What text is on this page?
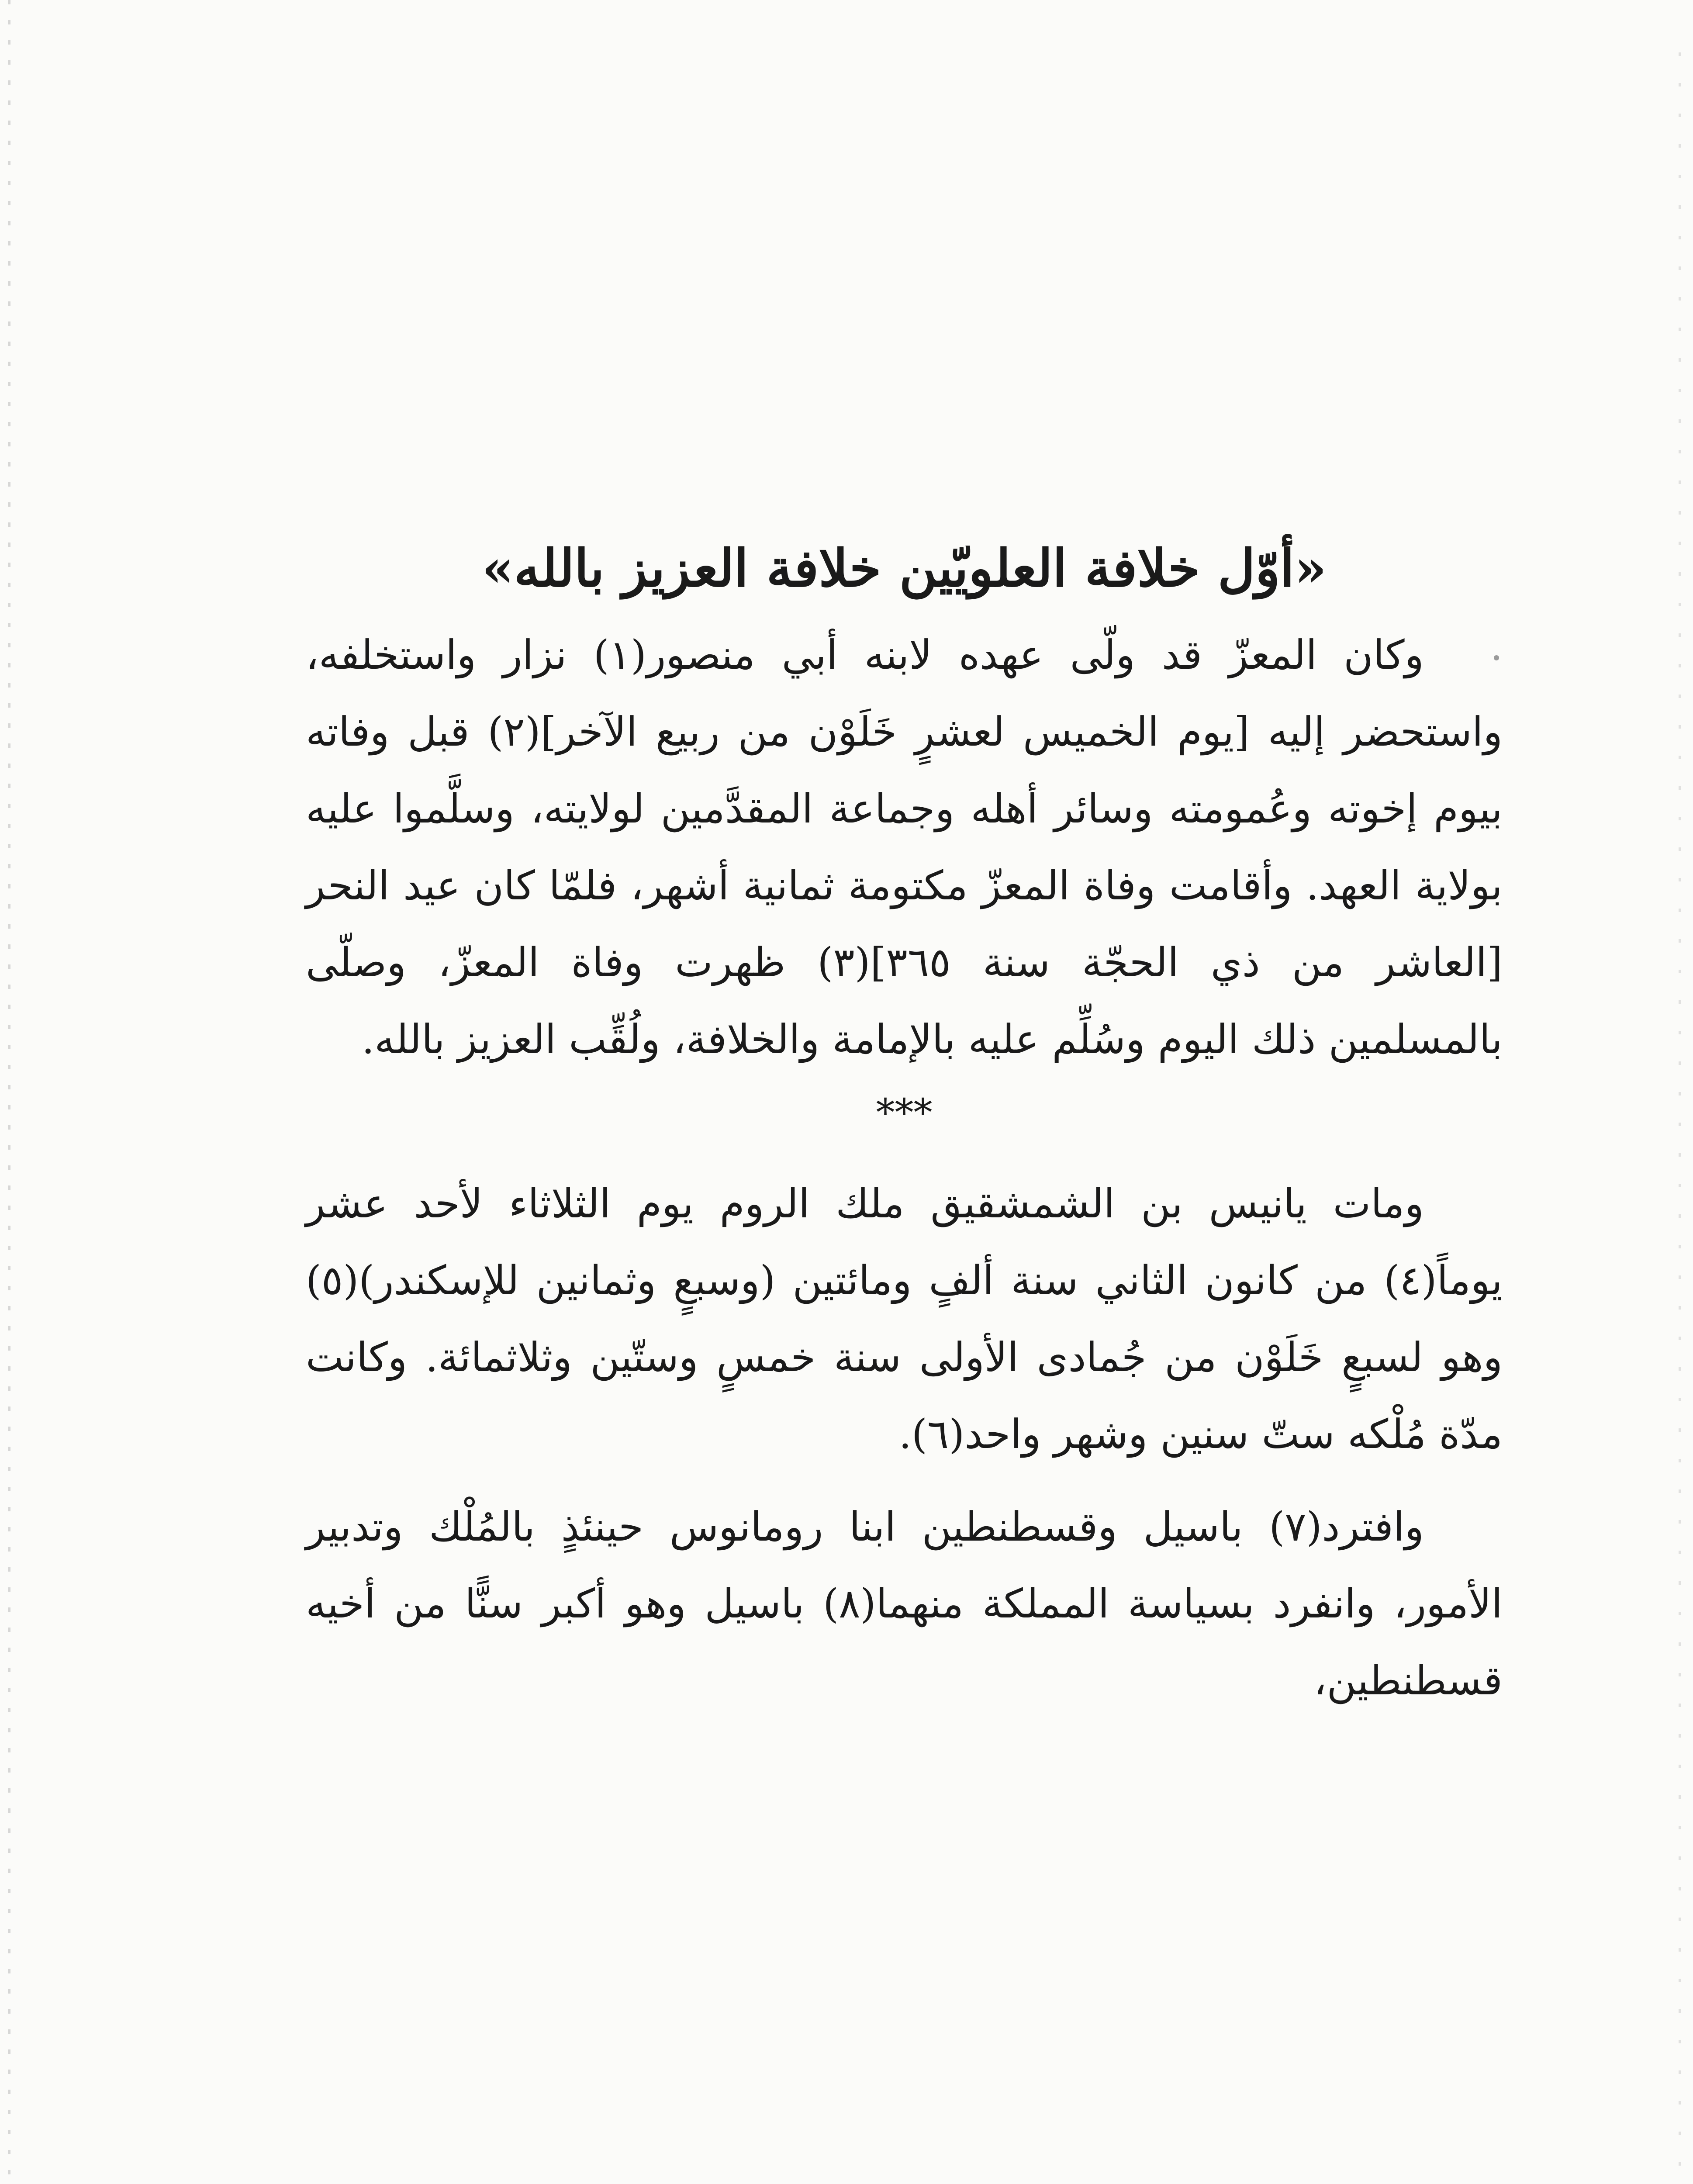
«أوّل خلافة العلويّين خلافة العزيز بالله»

وكان المعزّ قد ولّى عهده لابنه أبي منصور(١) نزار واستخلفه، واستحضر إليه [يوم الخميس لعشرٍ خَلَوْن من ربيع الآخر](٢) قبل وفاته بيوم إخوته وعُمومته وسائر أهله وجماعة المقدَّمين لولايته، وسلَّموا عليه بولاية العهد. وأقامت وفاة المعزّ مكتومة ثمانية أشهر، فلمّا كان عيد النحر [العاشر من ذي الحجّة سنة ٣٦٥](٣) ظهرت وفاة المعزّ، وصلّى بالمسلمين ذلك اليوم وسُلِّم عليه بالإمامة والخلافة، ولُقِّب العزيز بالله.

***

ومات يانيس بن الشمشقيق ملك الروم يوم الثلاثاء لأحد عشر يوماً(٤) من كانون الثاني سنة ألفٍ ومائتين (وسبعٍ وثمانين للإسكندر)(٥) وهو لسبعٍ خَلَوْن من جُمادى الأولى سنة خمسٍ وستّين وثلاثمائة. وكانت مدّة مُلْكه ستّ سنين وشهر واحد(٦).

وافترد(٧) باسيل وقسطنطين ابنا رومانوس حينئذٍ بالمُلْك وتدبير الأمور، وانفرد بسياسة المملكة منهما(٨) باسيل وهو أكبر سنًّا من أخيه قسطنطين،
